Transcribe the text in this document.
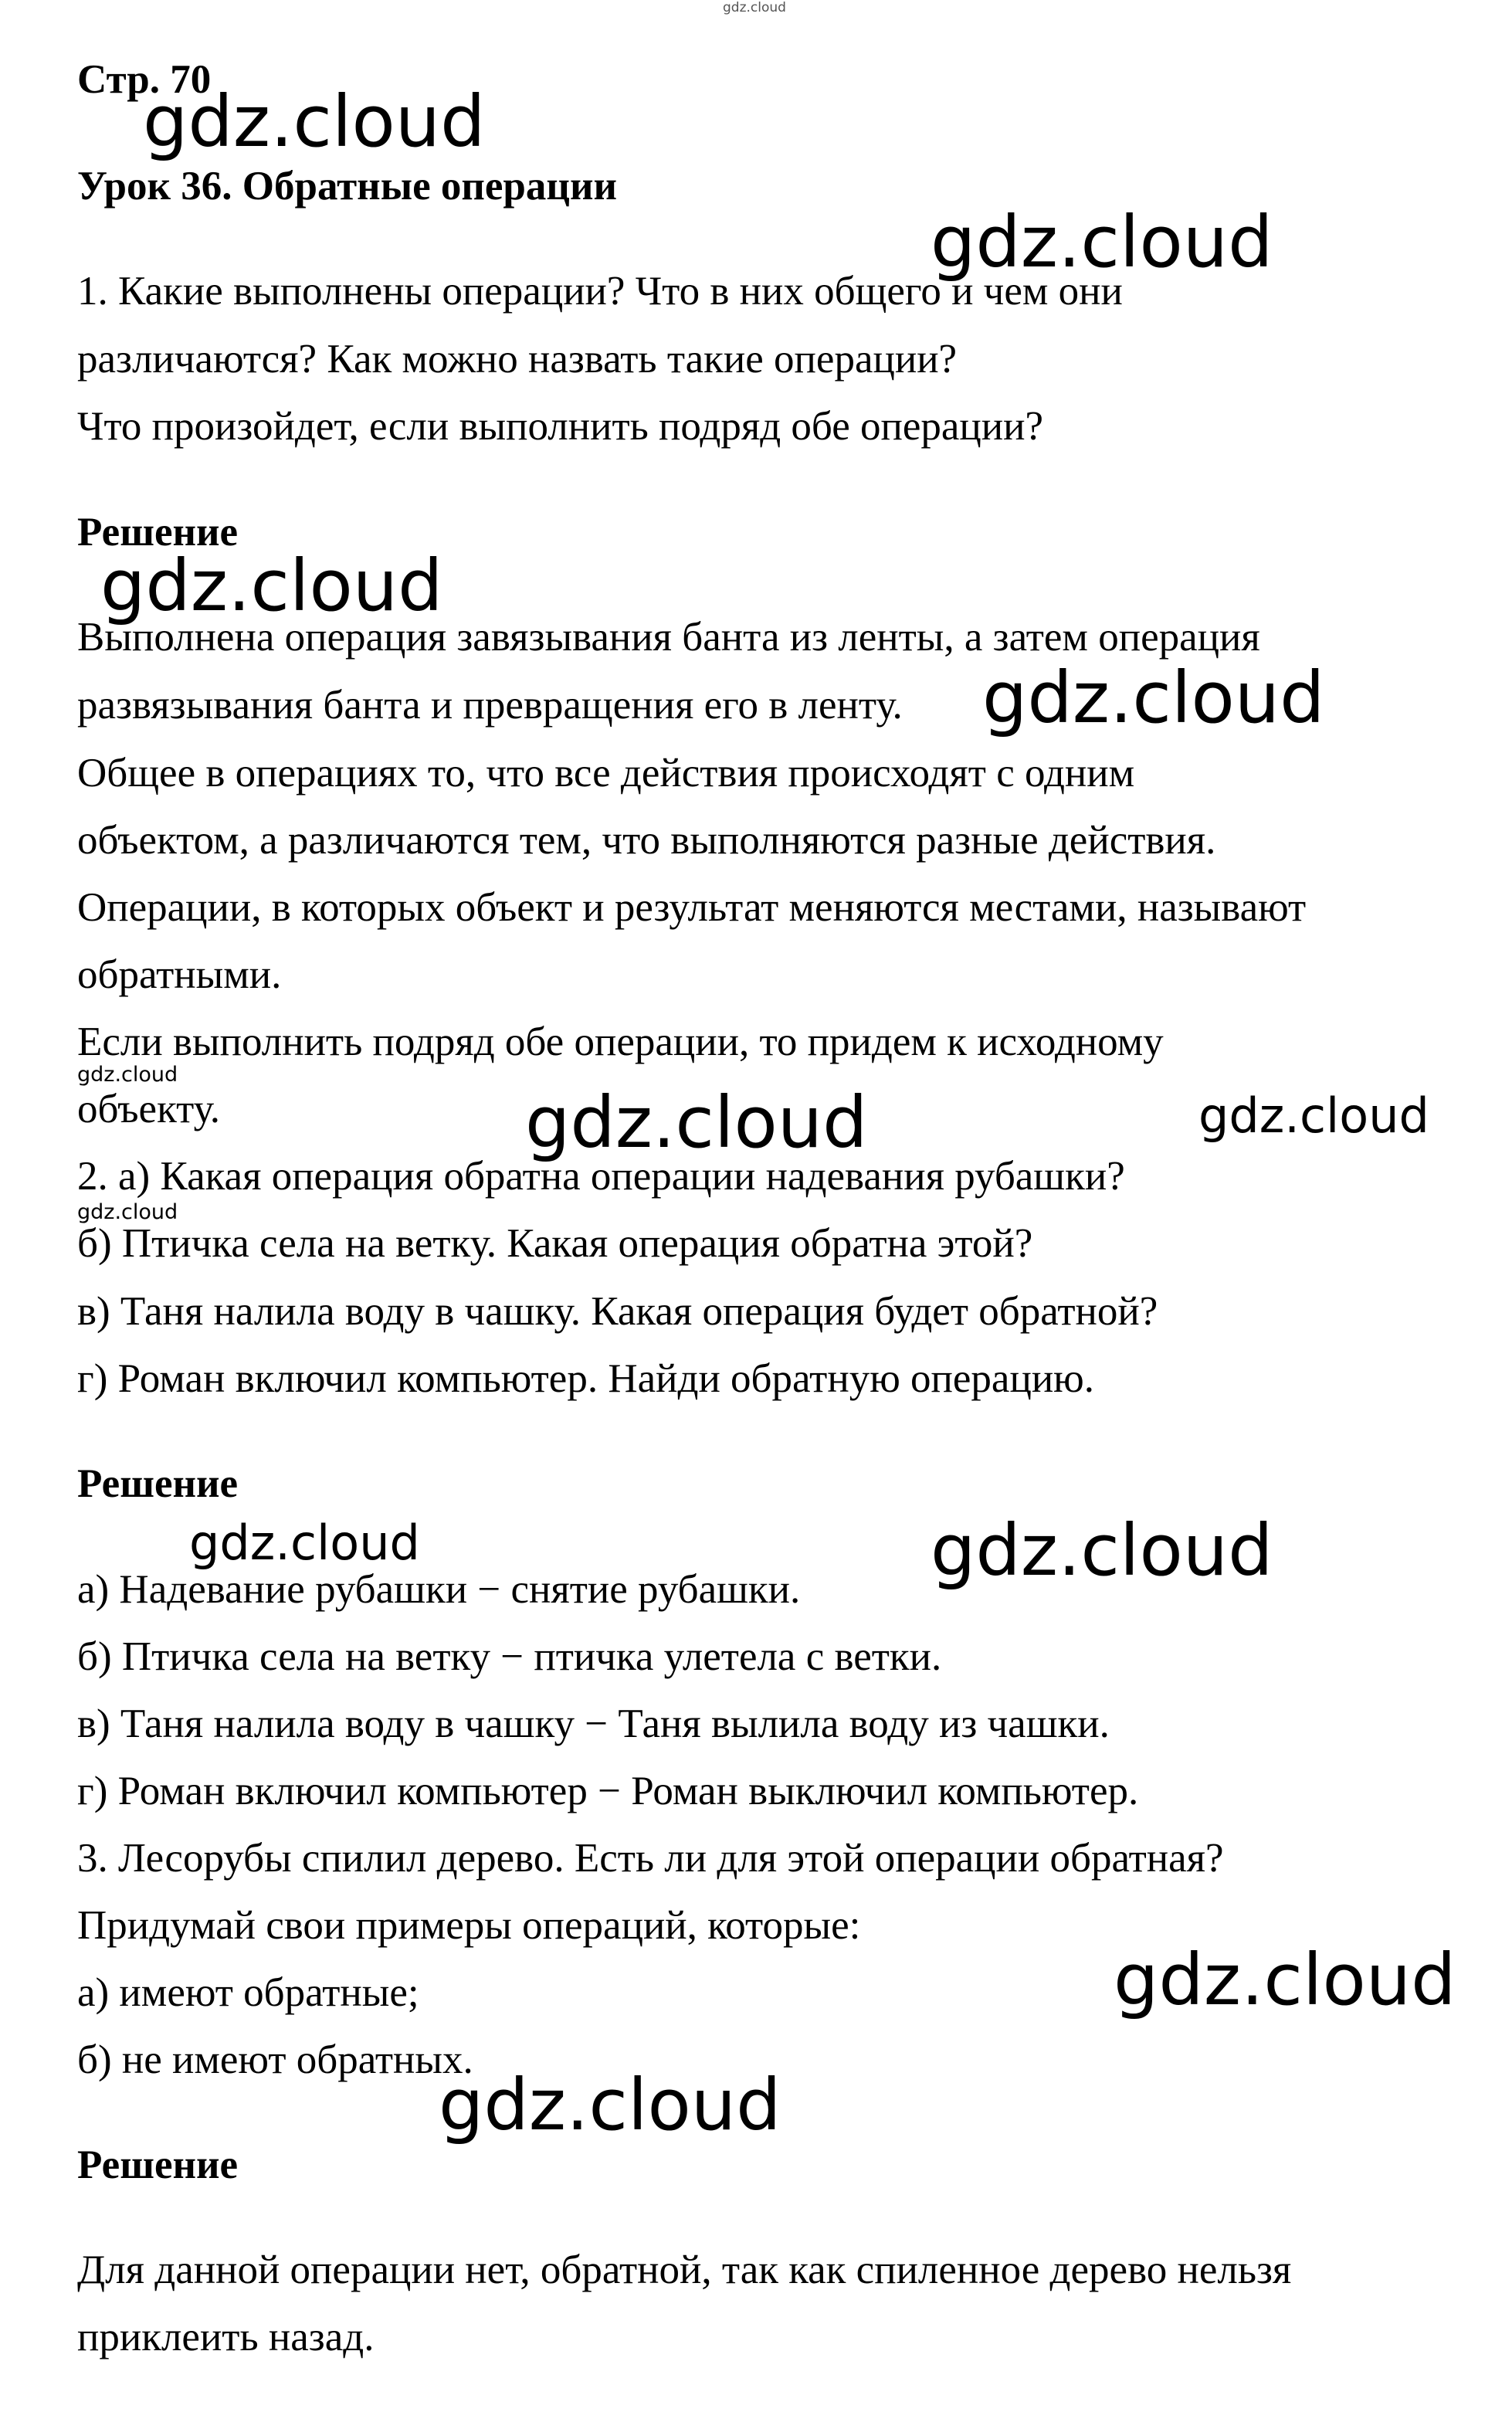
Стр. 70
Урок 36. Обратные операции
1. Какие выполнены операции? Что в них общего и чем они
различаются? Как можно назвать такие операции?
Что произойдет, если выполнить подряд обе операции?
Решение
Выполнена операция завязывания банта из ленты, а затем операция
развязывания банта и превращения его в ленту.
Общее в операциях то, что все действия происходят с одним
объектом, а различаются тем, что выполняются разные действия.
Операции, в которых объект и результат меняются местами, называют
обратными.
Если выполнить подряд обе операции, то придем к исходному
объекту.
2. а) Какая операция обратна операции надевания рубашки?
б) Птичка села на ветку. Какая операция обратна этой?
в) Таня налила воду в чашку. Какая операция будет обратной?
г) Роман включил компьютер. Найди обратную операцию.
Решение
а) Надевание рубашки − снятие рубашки.
б) Птичка села на ветку − птичка улетела с ветки.
в) Таня налила воду в чашку − Таня вылила воду из чашки.
г) Роман включил компьютер − Роман выключил компьютер.
3. Лесорубы спилил дерево. Есть ли для этой операции обратная?
Придумай свои примеры операций, которые:
а) имеют обратные;
б) не имеют обратных.
Решение
Для данной операции нет, обратной, так как спиленное дерево нельзя
приклеить назад.
gdz.cloud
gdz.cloud
gdz.cloud
gdz.cloud
gdz.cloud
gdz.cloud
gdz.cloud	gdz.cloud
gdz.cloud
gdz.cloud	gdz.cloud
gdz.cloud
gdz.cloud
